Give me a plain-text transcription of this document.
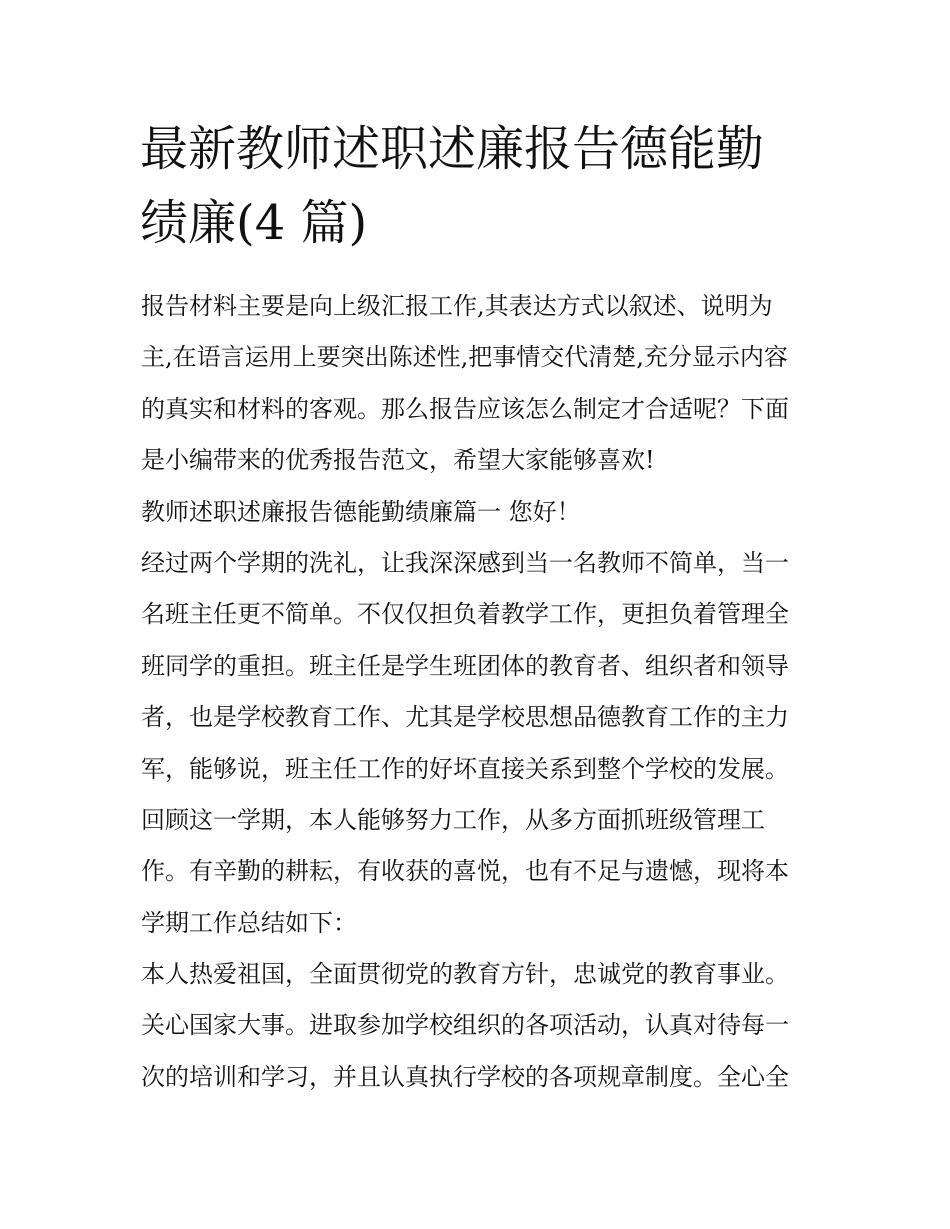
最新教师述职述廉报告德能勤
绩廉(4 篇)
报告材料主要是向上级汇报工作,其表达方式以叙述、说明为
主,在语言运用上要突出陈述性,把事情交代清楚,充分显示内容
的真实和材料的客观。那么报告应该怎么制定才合适呢？下面
是小编带来的优秀报告范文，希望大家能够喜欢!
教师述职述廉报告德能勤绩廉篇一 您好！
经过两个学期的洗礼，让我深深感到当一名教师不简单，当一
名班主任更不简单。不仅仅担负着教学工作，更担负着管理全
班同学的重担。班主任是学生班团体的教育者、组织者和领导
者，也是学校教育工作、尤其是学校思想品德教育工作的主力
军，能够说，班主任工作的好坏直接关系到整个学校的发展。
回顾这一学期，本人能够努力工作，从多方面抓班级管理工
作。有辛勤的耕耘，有收获的喜悦，也有不足与遗憾，现将本
学期工作总结如下：
本人热爱祖国，全面贯彻党的教育方针，忠诚党的教育事业。
关心国家大事。进取参加学校组织的各项活动，认真对待每一
次的培训和学习，并且认真执行学校的各项规章制度。全心全
